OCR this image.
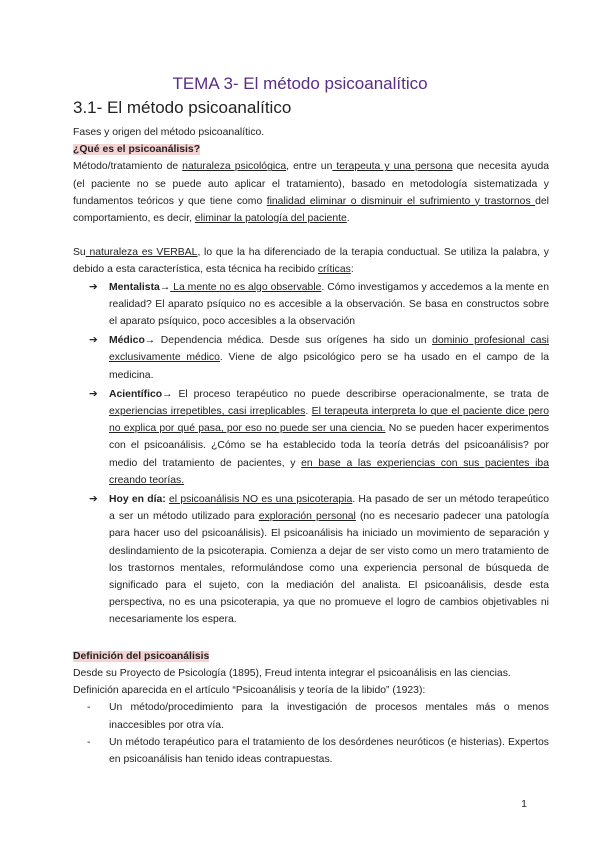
TEMA 3- El método psicoanalítico
3.1- El método psicoanalítico

Fases y origen del método psicoanalítico.

¿Qué es el psicoanálisis?

Método/tratamiento de naturaleza psicológica, entre un terapeuta y una persona que necesita ayuda (el paciente no se puede auto aplicar el tratamiento), basado en metodología sistematizada y fundamentos teóricos y que tiene como finalidad eliminar o disminuir el sufrimiento y trastornos del comportamiento, es decir, eliminar la patología del paciente.

Su naturaleza es VERBAL, lo que la ha diferenciado de la terapia conductual. Se utiliza la palabra, y debido a esta característica, esta técnica ha recibido críticas:

➔ Mentalista→ La mente no es algo observable. Cómo investigamos y accedemos a la mente en realidad? El aparato psíquico no es accesible a la observación. Se basa en constructos sobre el aparato psíquico, poco accesibles a la observación
➔ Médico→ Dependencia médica. Desde sus orígenes ha sido un dominio profesional casi exclusivamente médico. Viene de algo psicológico pero se ha usado en el campo de la medicina.
➔ Acientífico→ El proceso terapéutico no puede describirse operacionalmente, se trata de experiencias irrepetibles, casi irreplicables. El terapeuta interpreta lo que el paciente dice pero no explica por qué pasa, por eso no puede ser una ciencia. No se pueden hacer experimentos con el psicoanálisis. ¿Cómo se ha establecido toda la teoría detrás del psicoanálisis? por medio del tratamiento de pacientes, y en base a las experiencias con sus pacientes iba creando teorías.
➔ Hoy en día: el psicoanálisis NO es una psicoterapia. Ha pasado de ser un método terapeútico a ser un método utilizado para exploración personal (no es necesario padecer una patología para hacer uso del psicoanálisis). El psicoanálisis ha iniciado un movimiento de separación y deslindamiento de la psicoterapia. Comienza a dejar de ser visto como un mero tratamiento de los trastornos mentales, reformulándose como una experiencia personal de búsqueda de significado para el sujeto, con la mediación del analista. El psicoanálisis, desde esta perspectiva, no es una psicoterapia, ya que no promueve el logro de cambios objetivables ni necesariamente los espera.

Definición del psicoanálisis

Desde su Proyecto de Psicología (1895), Freud intenta integrar el psicoanálisis en las ciencias.

Definición aparecida en el artículo “Psicoanálisis y teoría de la libido” (1923):

- Un método/procedimiento para la investigación de procesos mentales más o menos inaccesibles por otra vía.
- Un método terapéutico para el tratamiento de los desórdenes neuróticos (e histerias). Expertos en psicoanálisis han tenido ideas contrapuestas.
1
